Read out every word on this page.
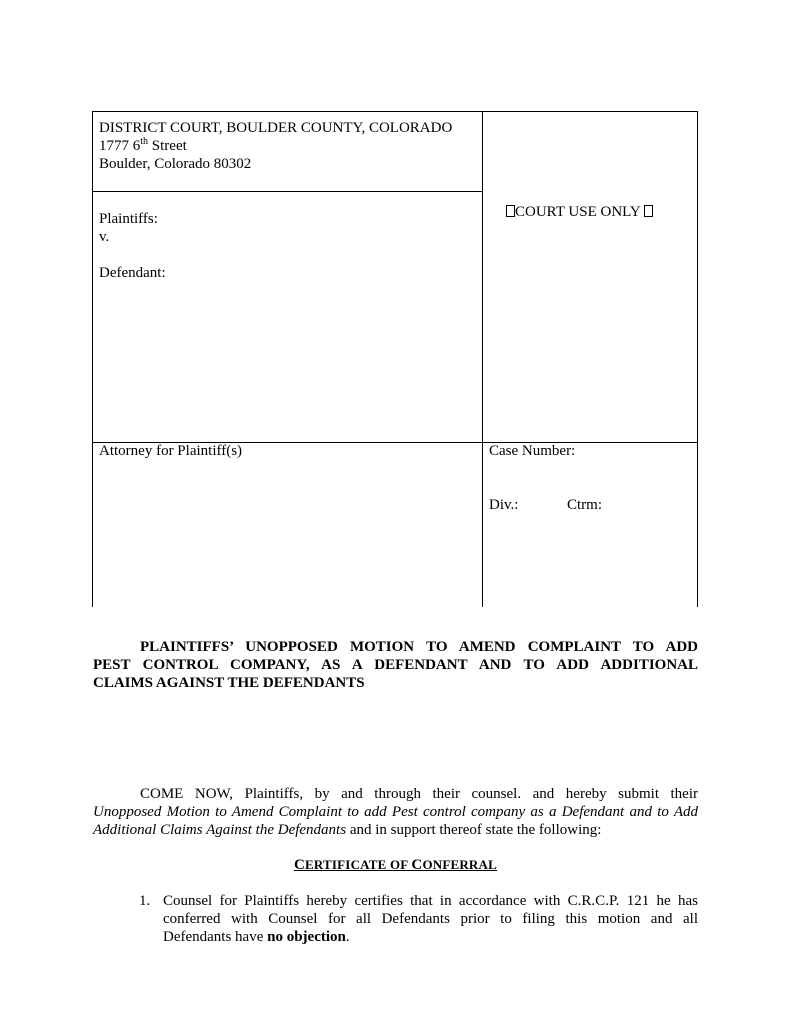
DISTRICT COURT, BOULDER COUNTY, COLORADO
1777 6th Street
Boulder, Colorado 80302
Plaintiffs:
v.
Defendant:
Attorney for Plaintiff(s)	Case Number:
Div.:	Ctrm:
COURT USE ONLY
PLAINTIFFS’ UNOPPOSED MOTION TO AMEND COMPLAINT TO ADD
PEST CONTROL COMPANY, AS A DEFENDANT AND TO ADD ADDITIONAL
CLAIMS AGAINST THE DEFENDANTS
COME NOW, Plaintiffs, by and through their counsel. and hereby submit their
Unopposed Motion to Amend Complaint to add Pest control company as a Defendant and to Add
Additional Claims Against the Defendants and in support thereof state the following:
CERTIFICATE OF CONFERRAL
1. Counsel for Plaintiffs hereby certifies that in accordance with C.R.C.P. 121 he has
conferred with Counsel for all Defendants prior to filing this motion and all
Defendants have no objection.
